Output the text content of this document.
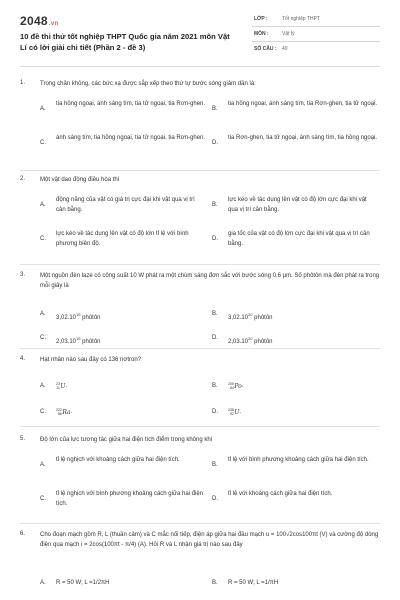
2048.vn
10 đề thi thử tốt nghiệp THPT Quốc gia năm 2021 môn Vật Lí có lời giải chi tiết (Phần 2 - đề 3)
LỚP :	Tốt nghiệp THPT
MÔN :	Vật lý
SỐ CÂU :	40
1. Trong chân không, các bức xạ được sắp xếp theo thứ tự bước sóng giảm dần là:
A.
tia hồng ngoại, ánh sáng tím, tia tử ngoại, tia Rơn-ghen.
B.
tia hồng ngoại, ánh sáng tím, tia Rơn-ghen, tia tử ngoại.
C.
ánh sáng tím, tia hồng ngoại, tia tử ngoại, tia Rơn-ghen.
D.
tia Rơn-ghen, tia tử ngoại, ánh sáng tím, tia hồng ngoại.
2. Một vật dao động điều hòa thì
A.
động năng của vật có giá trị cực đại khi vật qua vị trí cân bằng.
B.
lực kéo về tác dụng lên vật có độ lớn cực đại khi vật qua vị trí cân bằng.
C.
lực kéo về tác dụng lên vật có độ lớn tỉ lệ với bình phương biên độ.
D.
gia tốc của vật có độ lớn cực đại khi vật qua vị trí cân bằng.
3. Một nguồn đèn laze có công suất 10 W phát ra một chùm sáng đơn sắc với bước sóng 0,6 μm. Số phôtôn mà đèn phát ra trong mỗi giây là
A.
3,02.10$^{19}$ phôtôn
B.
3,02.10$^{20}$ phôtôn
C.
2,03.10$^{19}$ phôtôn
D.
2,03.10$^{20}$ phôtôn
4. Hạt nhân nào sau đây có 136 nơtron?
A.	23
11 U .	B.	209
84 Po .
C.	222
86 Ra .	D.	238
92 U .
5. Độ lớn của lực tương tác giữa hai điện tích điểm trong không khí
A.
tỉ lệ nghịch với khoảng cách giữa hai điện tích.
B.
tỉ lệ với bình phương khoảng cách giữa hai điện tích.
C.
tỉ lệ nghịch với bình phương khoảng cách giữa hai điện tích.
D.
tỉ lệ với khoảng cách giữa hai điện tích.
6. Cho đoạn mạch gồm R, L (thuần cảm) và C mắc nối tiếp, điện áp giữa hai đầu mạch u = 100√2cos100πt (V) và cường độ dòng điện qua mạch i = 2cos(100πt - π/4) (A). Hỏi R và L nhận giá trị nào sau đây
A. R = 50 W; L =1/2πH	B. R = 50 W; L =1/πH
